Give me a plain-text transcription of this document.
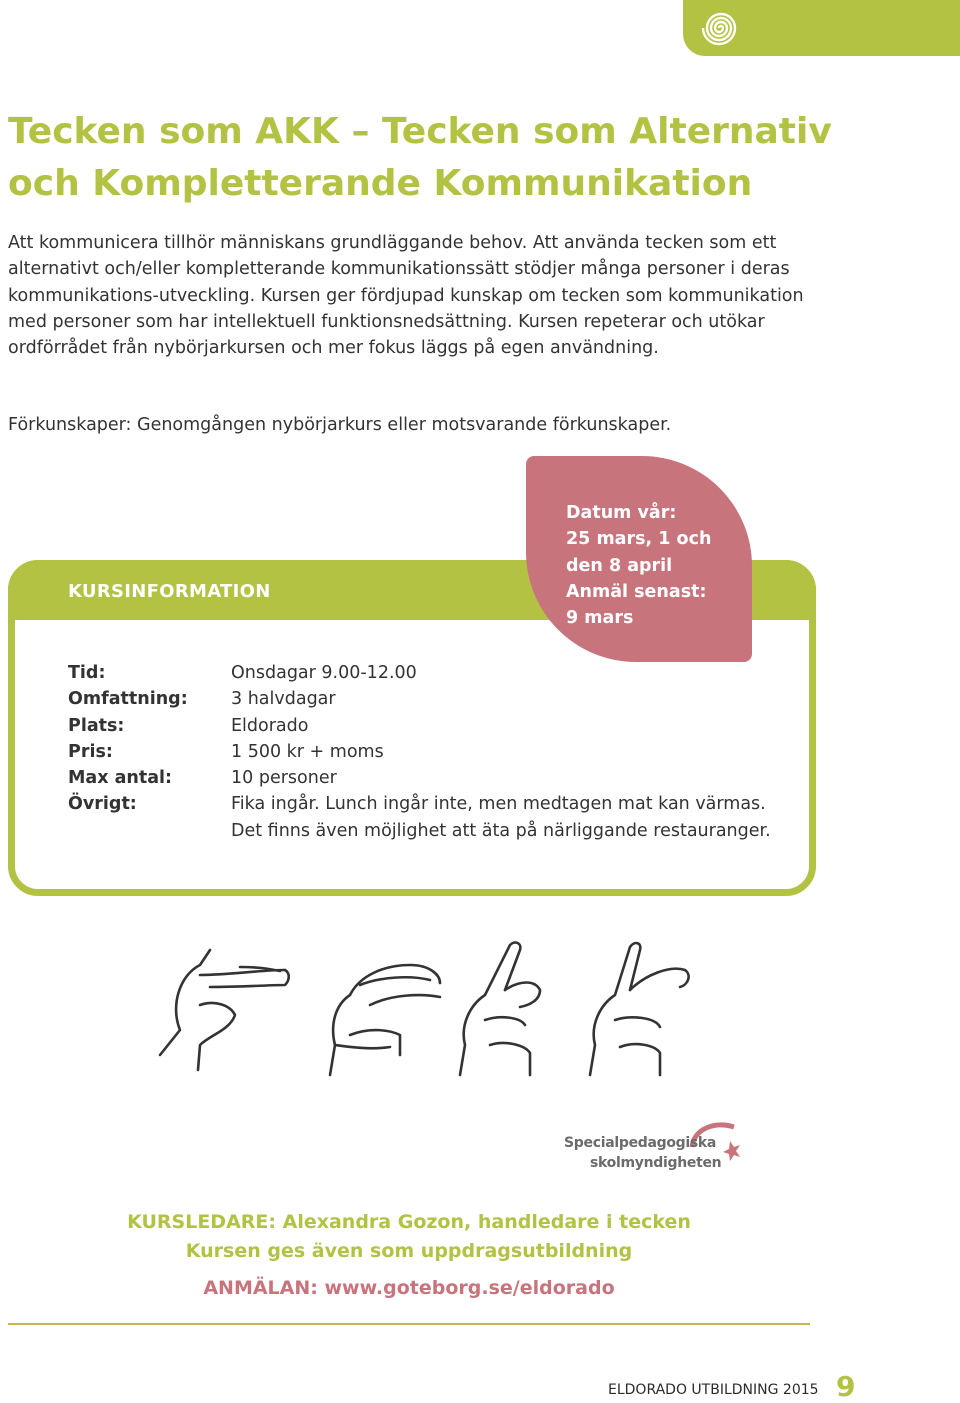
Tecken som AKK – Tecken som Alternativ och Kompletterande Kommunikation

Att kommunicera tillhör människans grundläggande behov. Att använda tecken som ett alternativt och/eller kompletterande kommunikationssätt stödjer många personer i deras kommunikations-utveckling. Kursen ger fördjupad kunskap om tecken som kommunikation med personer som har intellektuell funktionsnedsättning. Kursen repeterar och utökar ordförrådet från nybörjarkursen och mer fokus läggs på egen användning.

Förkunskaper: Genomgången nybörjarkurs eller motsvarande förkunskaper.

KURSINFORMATION
Datum vår:
25 mars, 1 och
den 8 april
Anmäl senast:
9 mars
Tid:	Onsdagar 9.00-12.00
Omfattning:	3 halvdagar
Plats:	Eldorado
Pris:	1 500 kr + moms
Max antal:	10 personer
Övrigt:	Fika ingår. Lunch ingår inte, men medtagen mat kan värmas. Det finns även möjlighet att äta på närliggande restauranger.
Specialpedagogiska
skolmyndigheten
KURSLEDARE: Alexandra Gozon, handledare i tecken
Kursen ges även som uppdragsutbildning
ANMÄLAN: www.goteborg.se/eldorado
ELDORADO UTBILDNING 2015 9
